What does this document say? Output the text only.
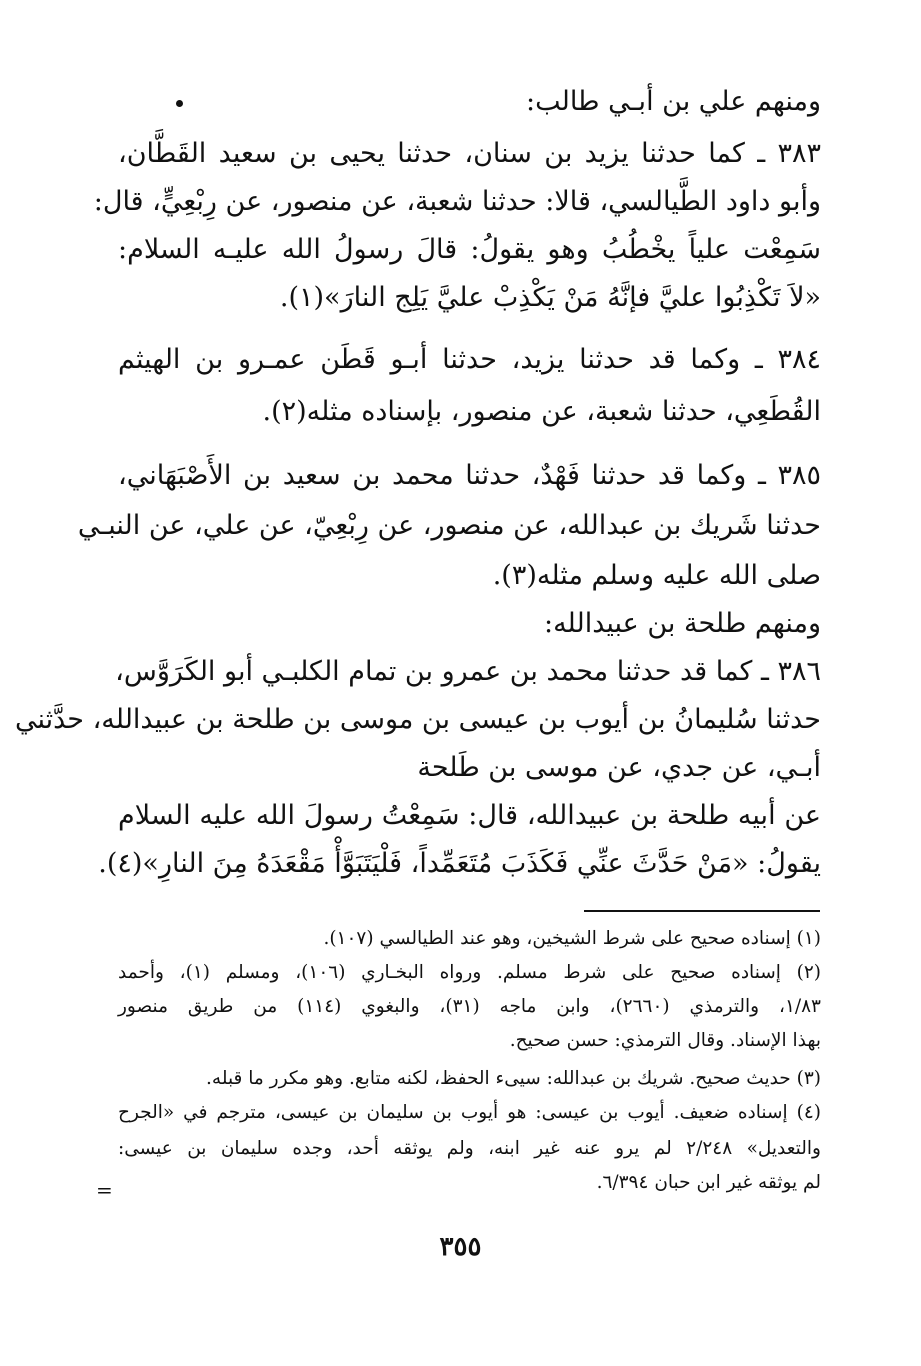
ومنهم علي بن أبـي طالب:
٣٨٣ ـ كما حدثنا يزيد بن سنان، حدثنا يحيى بن سعيد القَطَّان،
وأبو داود الطَّيالسي، قالا: حدثنا شعبة، عن منصور، عن رِبْعِيٍّ، قال:
سَمِعْت علياً يخْطُبُ وهو يقولُ: قالَ رسولُ الله عليـه السلام:
«لاَ تَكْذِبُوا عليَّ فإنَّهُ مَنْ يَكْذِبْ عليَّ يَلِج النارَ»(١).
٣٨٤ ـ وكما قد حدثنا يزيد، حدثنا أبـو قَطَن عمـرو بن الهيثم
القُطَعِي، حدثنا شعبة، عن منصور، بإسناده مثله(٢).
٣٨٥ ـ وكما قد حدثنا فَهْدٌ، حدثنا محمد بن سعيد بن الأَصْبَهَاني،
حدثنا شَريك بن عبدالله، عن منصور، عن رِبْعِيّ، عن علي، عن النبـي
صلى الله عليه وسلم مثله(٣).
ومنهم طلحة بن عبيدالله:
٣٨٦ ـ كما قد حدثنا محمد بن عمرو بن تمام الكلبـي أبو الكَرَوَّس،
حدثنا سُليمانُ بن أيوب بن عيسى بن موسى بن طلحة بن عبيدالله، حدَّثني
أبـي، عن جدي، عن موسى بن طَلحة
عن أبيه طلحة بن عبيدالله، قال: سَمِعْتُ رسولَ الله عليه السلام
يقولُ: «مَنْ حَدَّثَ عنِّي فَكَذَبَ مُتَعَمِّداً، فَلْيَتَبَوَّأْ مَقْعَدَهُ مِنَ النارِ»(٤).
(١) إسناده صحيح على شرط الشيخين، وهو عند الطيالسي (١٠٧).
(٢) إسناده صحيح على شرط مسلم. ورواه البخـاري (١٠٦)، ومسلم (١)، وأحمد
١/٨٣، والترمذي (٢٦٦٠)، وابن ماجه (٣١)، والبغوي (١١٤) من طريق منصور
بهذا الإسناد. وقال الترمذي: حسن صحيح.
(٣) حديث صحيح. شريك بن عبدالله: سيىء الحفظ، لكنه متابع. وهو مكرر ما قبله.
(٤) إسناده ضعيف. أيوب بن عيسى: هو أيوب بن سليمان بن عيسى، مترجم في «الجرح
والتعديل» ٢/٢٤٨ لم يرو عنه غير ابنه، ولم يوثقه أحد، وجده سليمان بن عيسى:
لم يوثقه غير ابن حبان ٦/٣٩٤.
=
٣٥٥
